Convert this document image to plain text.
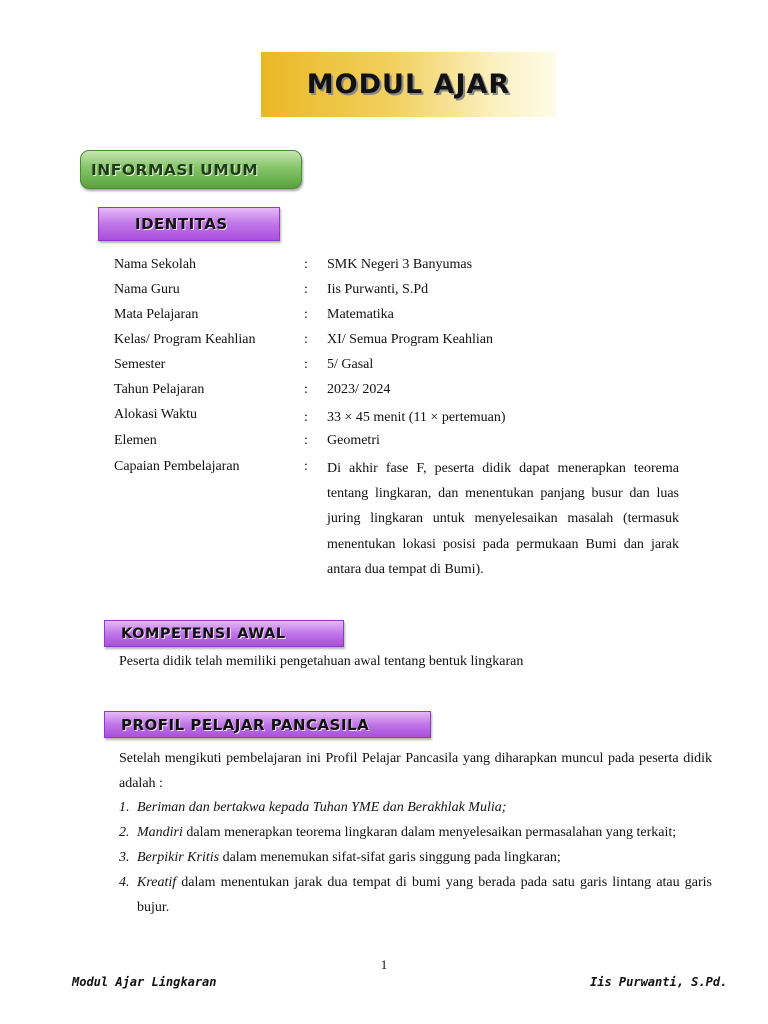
MODUL AJAR
INFORMASI UMUM
IDENTITAS
Nama Sekolah	: SMK Negeri 3 Banyumas
Nama Guru	: Iis Purwanti, S.Pd
Mata Pelajaran	: Matematika
Kelas/ Program Keahlian	: XI/ Semua Program Keahlian
Semester	: 5/ Gasal
Tahun Pelajaran	: 2023/ 2024
Alokasi Waktu	: 33 × 45 menit (11 × pertemuan)
Elemen	: Geometri
Capaian Pembelajaran	: Di akhir fase F, peserta didik dapat menerapkan teorema tentang lingkaran, dan menentukan panjang busur dan luas juring lingkaran untuk menyelesaikan masalah (termasuk menentukan lokasi posisi pada permukaan Bumi dan jarak antara dua tempat di Bumi).
KOMPETENSI AWAL
Peserta didik telah memiliki pengetahuan awal tentang bentuk lingkaran
PROFIL PELAJAR PANCASILA
Setelah mengikuti pembelajaran ini Profil Pelajar Pancasila yang diharapkan muncul pada peserta didik adalah :

1. Beriman dan bertakwa kepada Tuhan YME dan Berakhlak Mulia;

2. Mandiri dalam menerapkan teorema lingkaran dalam menyelesaikan permasalahan yang terkait;

3. Berpikir Kritis dalam menemukan sifat-sifat garis singgung pada lingkaran;

4. Kreatif dalam menentukan jarak dua tempat di bumi yang berada pada satu garis lintang atau garis bujur.

1
Modul Ajar Lingkaran	Iis Purwanti, S.Pd.
